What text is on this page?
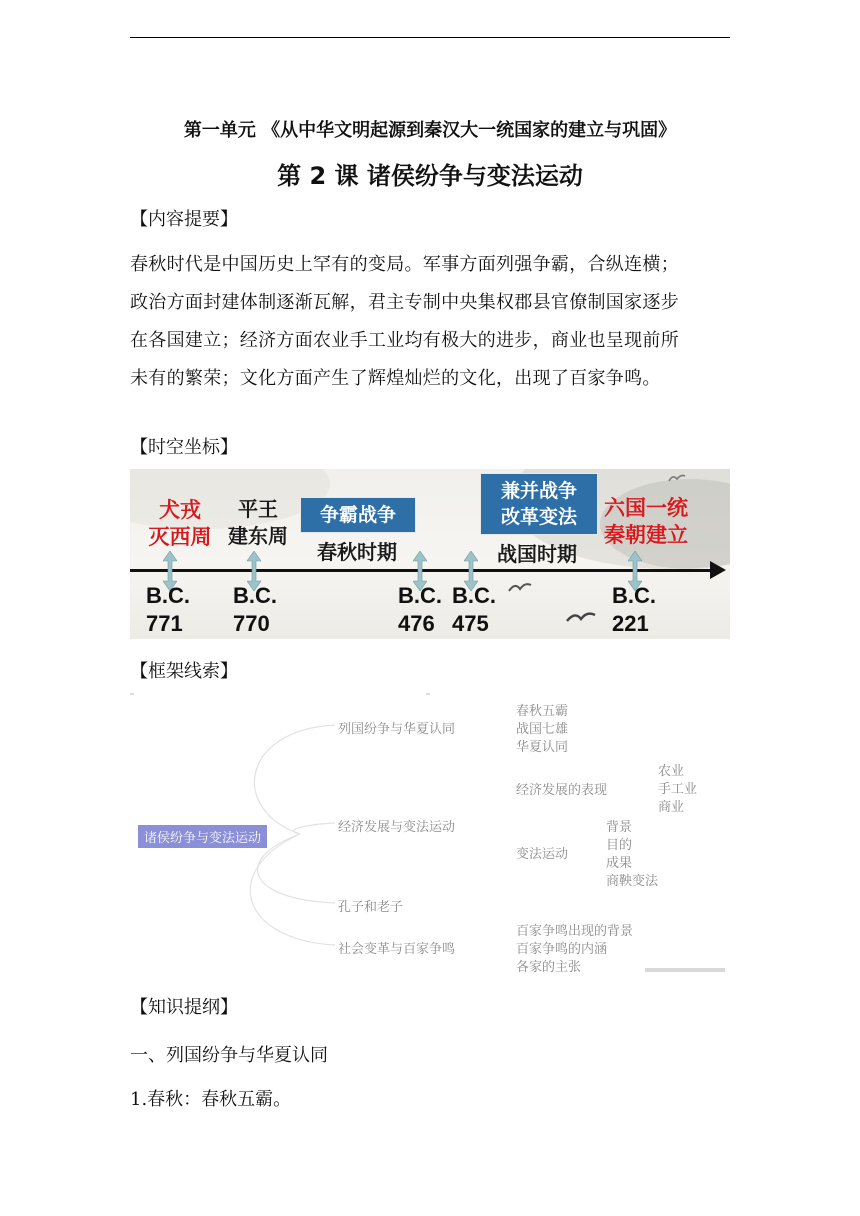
第一单元 《从中华文明起源到秦汉大一统国家的建立与巩固》
第 2 课 诸侯纷争与变法运动
【内容提要】
春秋时代是中国历史上罕有的变局。军事方面列强争霸，合纵连横；
政治方面封建体制逐渐瓦解，君主专制中央集权郡县官僚制国家逐步
在各国建立；经济方面农业手工业均有极大的进步，商业也呈现前所
未有的繁荣；文化方面产生了辉煌灿烂的文化，出现了百家争鸣。
【时空坐标】
犬戎
灭西周
平王
建东周
六国一统
秦朝建立
争霸战争
兼并战争
改革变法
春秋时期	战国时期
B.C.
771
B.C.
770
B.C.
476
B.C.
475
B.C.
221
【框架线索】
诸侯纷争与变法运动
列国纷争与华夏认同
春秋五霸
战国七雄
华夏认同
经济发展与变法运动
经济发展的表现
农业
手工业
商业
变法运动
背景
目的
成果
商鞅变法
孔子和老子
社会变革与百家争鸣
百家争鸣出现的背景
百家争鸣的内涵
各家的主张
【知识提纲】
一、列国纷争与华夏认同
1.春秋：春秋五霸。
